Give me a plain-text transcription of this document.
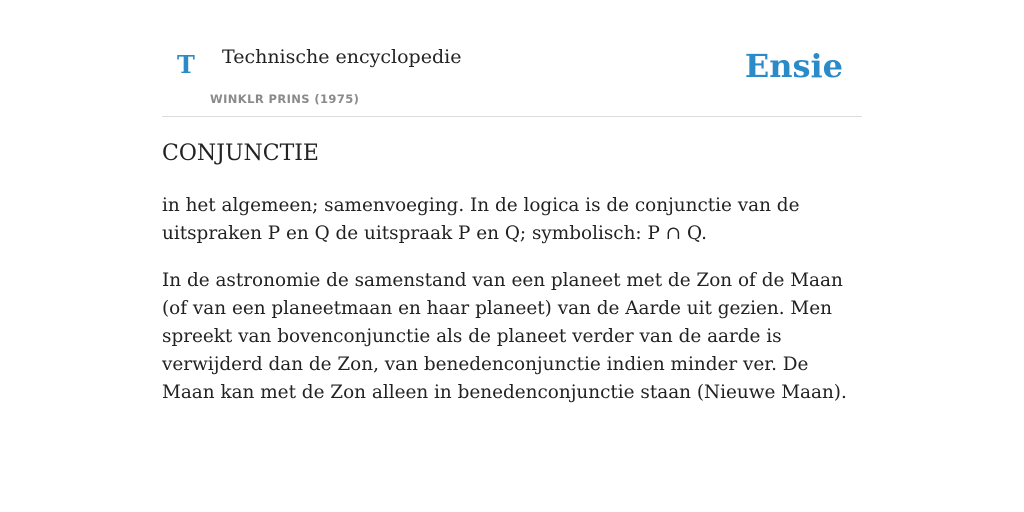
T Technische encyclopedie
WINKLR PRINS (1975)
Ensie
CONJUNCTIE

in het algemeen; samenvoeging. In de logica is de conjunctie van de uitspraken P en Q de uitspraak P en Q; symbolisch: P ∩ Q.

In de astronomie de samenstand van een planeet met de Zon of de Maan (of van een planeetmaan en haar planeet) van de Aarde uit gezien. Men spreekt van bovenconjunctie als de planeet verder van de aarde is verwijderd dan de Zon, van benedenconjunctie indien minder ver. De Maan kan met de Zon alleen in benedenconjunctie staan (Nieuwe Maan).
